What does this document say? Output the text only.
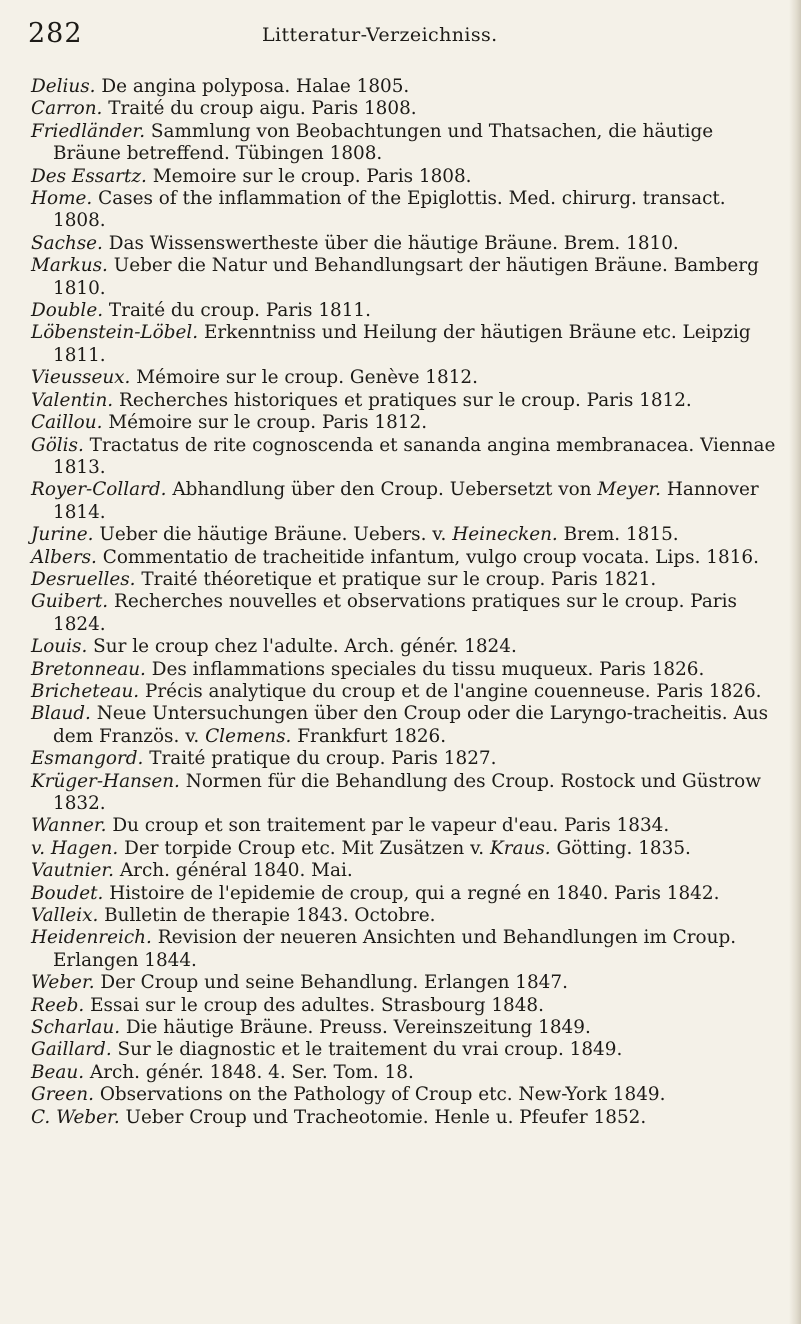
282	Litteratur-Verzeichniss.
Delius. De angina polyposa. Halae 1805.
Carron. Traité du croup aigu. Paris 1808.
Friedländer. Sammlung von Beobachtungen und Thatsachen, die häutige Bräune betreffend. Tübingen 1808.
Des Essartz. Memoire sur le croup. Paris 1808.
Home. Cases of the inflammation of the Epiglottis. Med. chirurg. transact. 1808.
Sachse. Das Wissenswertheste über die häutige Bräune. Brem. 1810.
Markus. Ueber die Natur und Behandlungsart der häutigen Bräune. Bamberg 1810.
Double. Traité du croup. Paris 1811.
Löbenstein-Löbel. Erkenntniss und Heilung der häutigen Bräune etc. Leipzig 1811.
Vieusseux. Mémoire sur le croup. Genève 1812.
Valentin. Recherches historiques et pratiques sur le croup. Paris 1812.
Caillou. Mémoire sur le croup. Paris 1812.
Gölis. Tractatus de rite cognoscenda et sananda angina membranacea. Viennae 1813.
Royer-Collard. Abhandlung über den Croup. Uebersetzt von Meyer. Hannover 1814.
Jurine. Ueber die häutige Bräune. Uebers. v. Heinecken. Brem. 1815.
Albers. Commentatio de tracheitide infantum, vulgo croup vocata. Lips. 1816.
Desruelles. Traité théoretique et pratique sur le croup. Paris 1821.
Guibert. Recherches nouvelles et observations pratiques sur le croup. Paris 1824.
Louis. Sur le croup chez l'adulte. Arch. génér. 1824.
Bretonneau. Des inflammations speciales du tissu muqueux. Paris 1826.
Bricheteau. Précis analytique du croup et de l'angine couenneuse. Paris 1826.
Blaud. Neue Untersuchungen über den Croup oder die Laryngo-tracheitis. Aus dem Französ. v. Clemens. Frankfurt 1826.
Esmangord. Traité pratique du croup. Paris 1827.
Krüger-Hansen. Normen für die Behandlung des Croup. Rostock und Güstrow 1832.
Wanner. Du croup et son traitement par le vapeur d'eau. Paris 1834.
v. Hagen. Der torpide Croup etc. Mit Zusätzen v. Kraus. Götting. 1835.
Vautnier. Arch. général 1840. Mai.
Boudet. Histoire de l'epidemie de croup, qui a regné en 1840. Paris 1842.
Valleix. Bulletin de therapie 1843. Octobre.
Heidenreich. Revision der neueren Ansichten und Behandlungen im Croup. Erlangen 1844.
Weber. Der Croup und seine Behandlung. Erlangen 1847.
Reeb. Essai sur le croup des adultes. Strasbourg 1848.
Scharlau. Die häutige Bräune. Preuss. Vereinszeitung 1849.
Gaillard. Sur le diagnostic et le traitement du vrai croup. 1849.
Beau. Arch. génér. 1848. 4. Ser. Tom. 18.
Green. Observations on the Pathology of Croup etc. New-York 1849.
C. Weber. Ueber Croup und Tracheotomie. Henle u. Pfeufer 1852.
